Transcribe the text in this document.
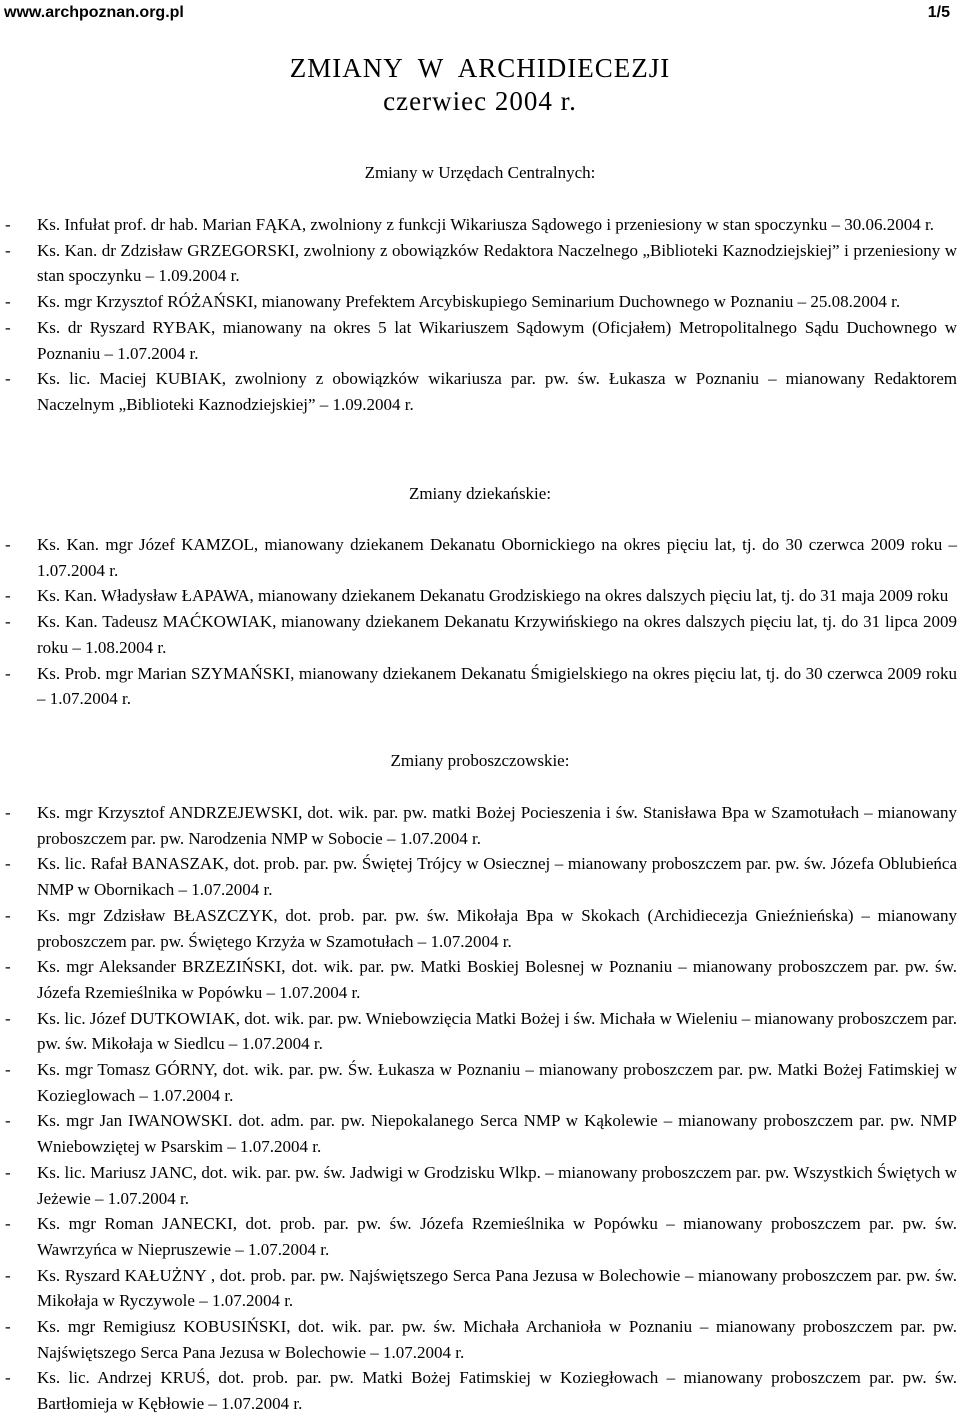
www.archpoznan.org.pl	1/5
ZMIANY  W  ARCHIDIECEZJI
czerwiec 2004 r.
Zmiany w Urzędach Centralnych:
- Ks. Infułat prof. dr hab. Marian FĄKA, zwolniony z funkcji Wikariusza Sądowego i przeniesiony w stan spoczynku – 30.06.2004 r.
- Ks. Kan. dr Zdzisław GRZEGORSKI, zwolniony z obowiązków Redaktora Naczelnego „Biblioteki Kaznodziejskiej” i przeniesiony w stan spoczynku – 1.09.2004 r.
- Ks. mgr Krzysztof RÓŻAŃSKI, mianowany Prefektem Arcybiskupiego Seminarium Duchownego w Poznaniu – 25.08.2004 r.
- Ks. dr Ryszard RYBAK, mianowany na okres 5 lat Wikariuszem Sądowym (Oficjałem) Metropolitalnego Sądu Duchownego w Poznaniu – 1.07.2004 r.
- Ks. lic. Maciej KUBIAK, zwolniony z obowiązków wikariusza par. pw. św. Łukasza w Poznaniu – mianowany Redaktorem Naczelnym „Biblioteki Kaznodziejskiej” – 1.09.2004 r.
Zmiany dziekańskie:
- Ks. Kan. mgr Józef KAMZOL, mianowany dziekanem Dekanatu Obornickiego na okres pięciu lat, tj. do 30 czerwca 2009 roku – 1.07.2004 r.
- Ks. Kan. Władysław ŁAPAWA, mianowany dziekanem Dekanatu Grodziskiego na okres dalszych pięciu lat, tj. do 31 maja 2009 roku
- Ks. Kan. Tadeusz MAĆKOWIAK, mianowany dziekanem Dekanatu Krzywińskiego na okres dalszych pięciu lat, tj. do 31 lipca 2009 roku – 1.08.2004 r.
- Ks. Prob. mgr Marian SZYMAŃSKI, mianowany dziekanem Dekanatu Śmigielskiego na okres pięciu lat, tj. do 30 czerwca 2009 roku – 1.07.2004 r.
Zmiany proboszczowskie:
- Ks. mgr Krzysztof ANDRZEJEWSKI, dot. wik. par. pw. matki Bożej Pocieszenia i św. Stanisława Bpa w Szamotułach – mianowany proboszczem par. pw. Narodzenia NMP w Sobocie – 1.07.2004 r.
- Ks. lic. Rafał BANASZAK, dot. prob. par. pw. Świętej Trójcy w Osiecznej – mianowany proboszczem par. pw. św. Józefa Oblubieńca NMP w Obornikach – 1.07.2004 r.
- Ks. mgr Zdzisław BŁASZCZYK, dot. prob. par. pw. św. Mikołaja Bpa w Skokach (Archidiecezja Gnieźnieńska) – mianowany proboszczem par. pw. Świętego Krzyża w Szamotułach – 1.07.2004 r.
- Ks. mgr Aleksander BRZEZIŃSKI, dot. wik. par. pw. Matki Boskiej Bolesnej w Poznaniu – mianowany proboszczem par. pw. św. Józefa Rzemieślnika w Popówku – 1.07.2004 r.
- Ks. lic. Józef DUTKOWIAK, dot. wik. par. pw. Wniebowzięcia Matki Bożej i św. Michała w Wieleniu – mianowany proboszczem par. pw. św. Mikołaja w Siedlcu – 1.07.2004 r.
- Ks. mgr Tomasz GÓRNY, dot. wik. par. pw. Św. Łukasza w Poznaniu – mianowany proboszczem par. pw. Matki Bożej Fatimskiej w Kozieglowach – 1.07.2004 r.
- Ks. mgr Jan IWANOWSKI. dot. adm. par. pw. Niepokalanego Serca NMP w Kąkolewie – mianowany proboszczem par. pw. NMP Wniebowziętej w Psarskim – 1.07.2004 r.
- Ks. lic. Mariusz JANC, dot. wik. par. pw. św. Jadwigi w Grodzisku Wlkp. – mianowany proboszczem par. pw. Wszystkich Świętych w Jeżewie – 1.07.2004 r.
- Ks. mgr Roman JANECKI, dot. prob. par. pw. św. Józefa Rzemieślnika w Popówku – mianowany proboszczem par. pw. św. Wawrzyńca w Niepruszewie – 1.07.2004 r.
- Ks. Ryszard KAŁUŻNY , dot. prob. par. pw. Najświętszego Serca Pana Jezusa w Bolechowie – mianowany proboszczem par. pw. św. Mikołaja w Ryczywole – 1.07.2004 r.
- Ks. mgr Remigiusz KOBUSIŃSKI, dot. wik. par. pw. św. Michała Archanioła w Poznaniu – mianowany proboszczem par. pw. Najświętszego Serca Pana Jezusa w Bolechowie – 1.07.2004 r.
- Ks. lic. Andrzej KRUŚ, dot. prob. par. pw. Matki Bożej Fatimskiej w Koziegłowach – mianowany proboszczem par. pw. św. Bartłomieja w Kębłowie – 1.07.2004 r.
